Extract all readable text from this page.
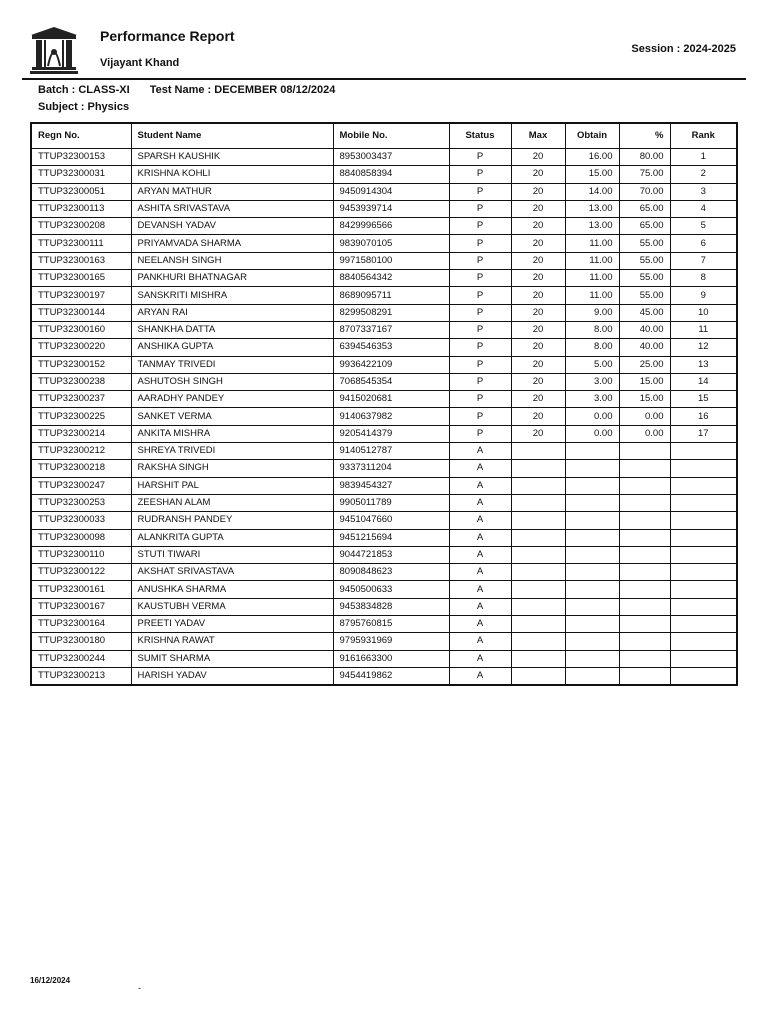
Performance Report
Vijayant Khand
Session : 2024-2025
Batch : CLASS-XI Test Name : DECEMBER 08/12/2024
Subject : Physics
Regn No.	Student Name	Mobile No.	Status	Max	Obtain	%	Rank
TTUP32300153	SPARSH KAUSHIK	8953003437	P	20	16.00	80.00	1
TTUP32300031	KRISHNA KOHLI	8840858394	P	20	15.00	75.00	2
TTUP32300051	ARYAN MATHUR	9450914304	P	20	14.00	70.00	3
TTUP32300113	ASHITA SRIVASTAVA	9453939714	P	20	13.00	65.00	4
TTUP32300208	DEVANSH YADAV	8429996566	P	20	13.00	65.00	5
TTUP32300111	PRIYAMVADA SHARMA	9839070105	P	20	11.00	55.00	6
TTUP32300163	NEELANSH SINGH	9971580100	P	20	11.00	55.00	7
TTUP32300165	PANKHURI BHATNAGAR	8840564342	P	20	11.00	55.00	8
TTUP32300197	SANSKRITI MISHRA	8689095711	P	20	11.00	55.00	9
TTUP32300144	ARYAN RAI	8299508291	P	20	9.00	45.00	10
TTUP32300160	SHANKHA DATTA	8707337167	P	20	8.00	40.00	11
TTUP32300220	ANSHIKA GUPTA	6394546353	P	20	8.00	40.00	12
TTUP32300152	TANMAY TRIVEDI	9936422109	P	20	5.00	25.00	13
TTUP32300238	ASHUTOSH SINGH	7068545354	P	20	3.00	15.00	14
TTUP32300237	AARADHY PANDEY	9415020681	P	20	3.00	15.00	15
TTUP32300225	SANKET VERMA	9140637982	P	20	0.00	0.00	16
TTUP32300214	ANKITA MISHRA	9205414379	P	20	0.00	0.00	17
TTUP32300212	SHREYA TRIVEDI	9140512787	A				
TTUP32300218	RAKSHA SINGH	9337311204	A				
TTUP32300247	HARSHIT PAL	9839454327	A				
TTUP32300253	ZEESHAN ALAM	9905011789	A				
TTUP32300033	RUDRANSH PANDEY	9451047660	A				
TTUP32300098	ALANKRITA GUPTA	9451215694	A				
TTUP32300110	STUTI TIWARI	9044721853	A				
TTUP32300122	AKSHAT SRIVASTAVA	8090848623	A				
TTUP32300161	ANUSHKA SHARMA	9450500633	A				
TTUP32300167	KAUSTUBH VERMA	9453834828	A				
TTUP32300164	PREETI YADAV	8795760815	A				
TTUP32300180	KRISHNA RAWAT	9795931969	A				
TTUP32300244	SUMIT SHARMA	9161663300	A				
TTUP32300213	HARISH YADAV	9454419862	A				
16/12/2024
-
